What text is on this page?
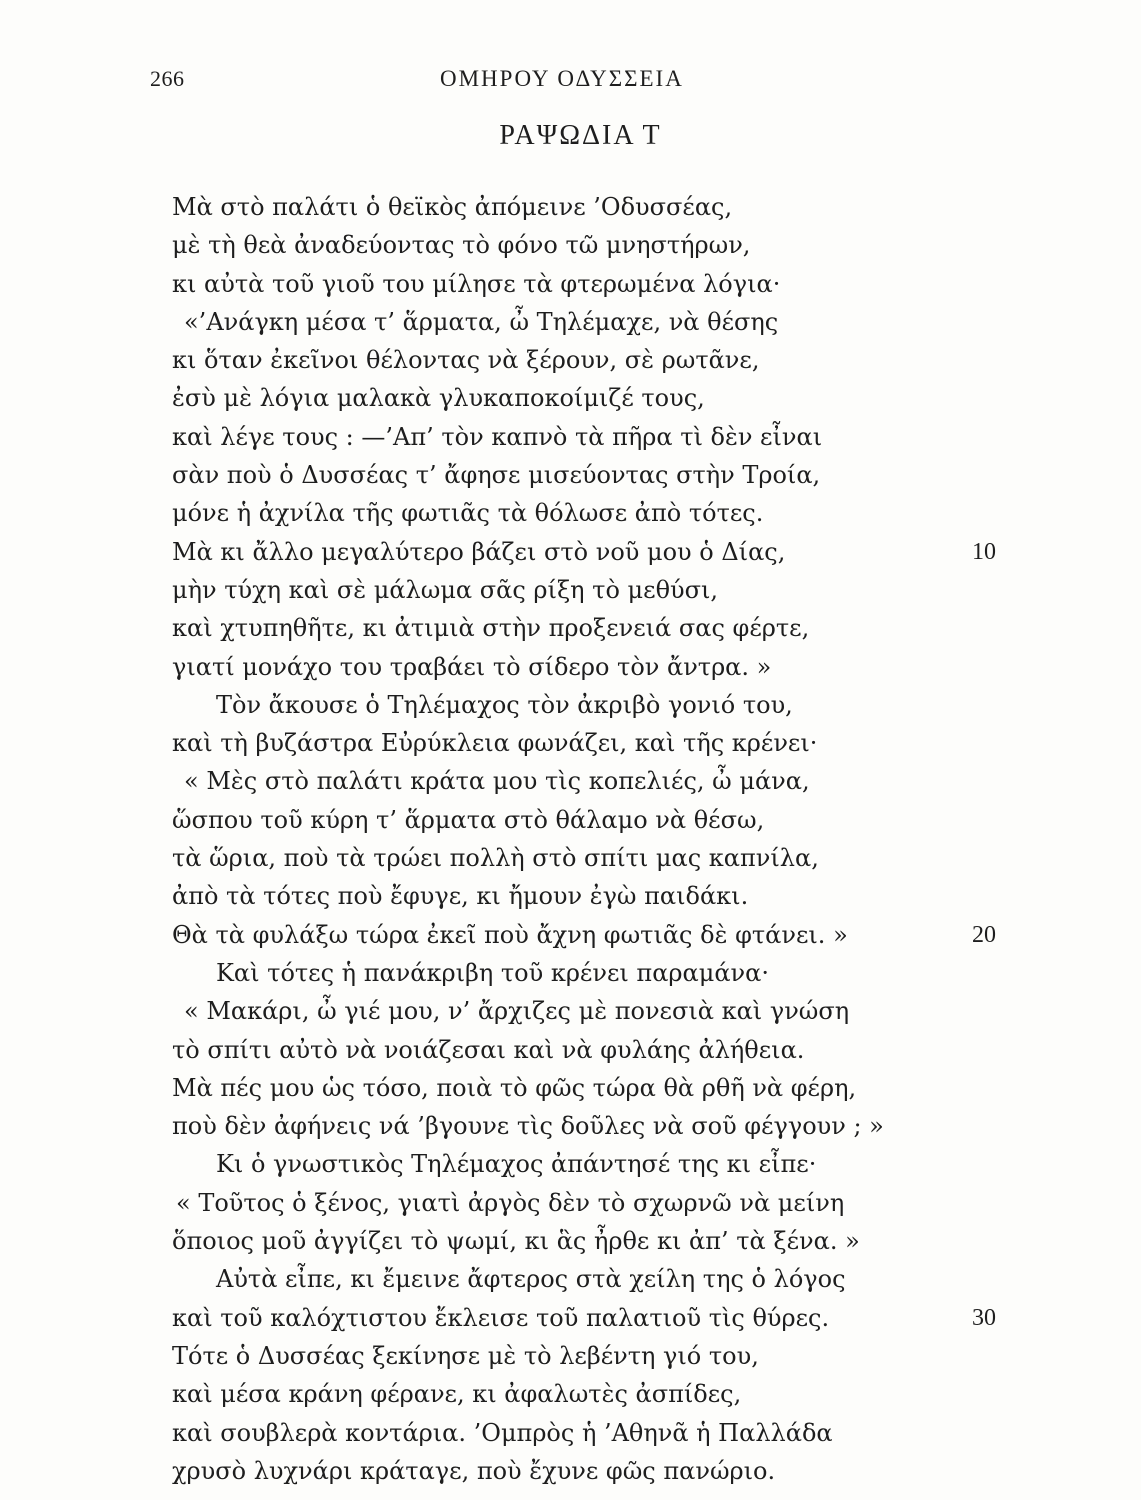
266	ΟΜΗΡΟΥ ΟΔΥΣΣΕΙΑ
ΡΑΨΩΔΙΑ Τ
Μὰ στὸ παλάτι ὁ θεϊκὸς ἀπόμεινε ’Οδυσσέας,
μὲ τὴ θεὰ ἀναδεύοντας τὸ φόνο τῶ μνηστήρων,
κι αὐτὰ τοῦ γιοῦ του μίλησε τὰ φτερωμένα λόγια·
«’Ανάγκη μέσα τ’ ἅρματα, ὦ Τηλέμαχε, νὰ θέσης
κι ὅταν ἐκεῖνοι θέλοντας νὰ ξέρουν, σὲ ρωτᾶνε,
ἐσὺ μὲ λόγια μαλακὰ γλυκαποκοίμιζέ τους,
καὶ λέγε τους : —’Απ’ τὸν καπνὸ τὰ πῆρα τὶ δὲν εἶναι
σὰν ποὺ ὁ Δυσσέας τ’ ἄφησε μισεύοντας στὴν Τροία,
μόνε ἡ ἀχνίλα τῆς φωτιᾶς τὰ θόλωσε ἀπὸ τότες.
Μὰ κι ἄλλο μεγαλύτερο βάζει στὸ νοῦ μου ὁ Δίας,	10
μὴν τύχη καὶ σὲ μάλωμα σᾶς ρίξη τὸ μεθύσι,
καὶ χτυπηθῆτε, κι ἀτιμιὰ στὴν προξενειά σας φέρτε,
γιατί μονάχο του τραβάει τὸ σίδερο τὸν ἄντρα. »
Τὸν ἄκουσε ὁ Τηλέμαχος τὸν ἀκριβὸ γονιό του,
καὶ τὴ βυζάστρα Εὐρύκλεια φωνάζει, καὶ τῆς κρένει·
« Μὲς στὸ παλάτι κράτα μου τὶς κοπελιές, ὦ μάνα,
ὥσπου τοῦ κύρη τ’ ἅρματα στὸ θάλαμο νὰ θέσω,
τὰ ὥρια, ποὺ τὰ τρώει πολλὴ στὸ σπίτι μας καπνίλα,
ἀπὸ τὰ τότες ποὺ ἔφυγε, κι ἤμουν ἐγὼ παιδάκι.
Θὰ τὰ φυλάξω τώρα ἐκεῖ ποὺ ἄχνη φωτιᾶς δὲ φτάνει. »	20
Καὶ τότες ἡ πανάκριβη τοῦ κρένει παραμάνα·
« Μακάρι, ὦ γιέ μου, ν’ ἄρχιζες μὲ πονεσιὰ καὶ γνώση
τὸ σπίτι αὐτὸ νὰ νοιάζεσαι καὶ νὰ φυλάης ἀλήθεια.
Μὰ πές μου ὡς τόσο, ποιὰ τὸ φῶς τώρα θὰ ρθῆ νὰ φέρη,
ποὺ δὲν ἀφήνεις νά ’βγουνε τὶς δοῦλες νὰ σοῦ φέγγουν ; »
Κι ὁ γνωστικὸς Τηλέμαχος ἀπάντησέ της κι εἶπε·
« Τοῦτος ὁ ξένος, γιατὶ ἀργὸς δὲν τὸ σχωρνῶ νὰ μείνη
ὅποιος μοῦ ἀγγίζει τὸ ψωμί, κι ἃς ἦρθε κι ἀπ’ τὰ ξένα. »
Αὐτὰ εἶπε, κι ἔμεινε ἄφτερος στὰ χείλη της ὁ λόγος
καὶ τοῦ καλόχτιστου ἔκλεισε τοῦ παλατιοῦ τὶς θύρες.	30
Τότε ὁ Δυσσέας ξεκίνησε μὲ τὸ λεβέντη γιό του,
καὶ μέσα κράνη φέρανε, κι ἀφαλωτὲς ἀσπίδες,
καὶ σουβλερὰ κοντάρια. ’Ομπρὸς ἡ ’Αθηνᾶ ἡ Παλλάδα
χρυσὸ λυχνάρι κράταγε, ποὺ ἔχυνε φῶς πανώριο.
